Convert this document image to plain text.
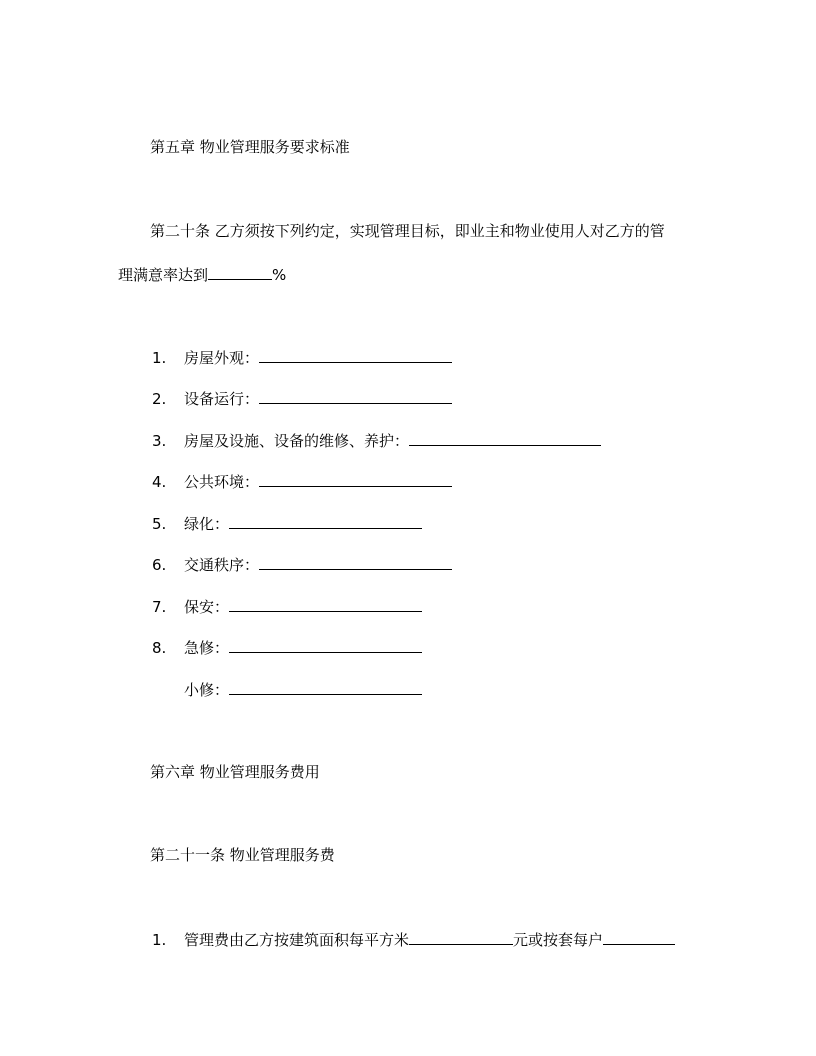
第五章 物业管理服务要求标准
第二十条 乙方须按下列约定，实现管理目标，即业主和物业使用人对乙方的管
理满意率达到	%
1. 房屋外观：
2. 设备运行：
3. 房屋及设施、设备的维修、养护：
4. 公共环境：
5. 绿化：
6. 交通秩序：
7. 保安：
8. 急修：
小修：
第六章 物业管理服务费用
第二十一条 物业管理服务费
1. 管理费由乙方按建筑面积每平方米	元或按套每户
